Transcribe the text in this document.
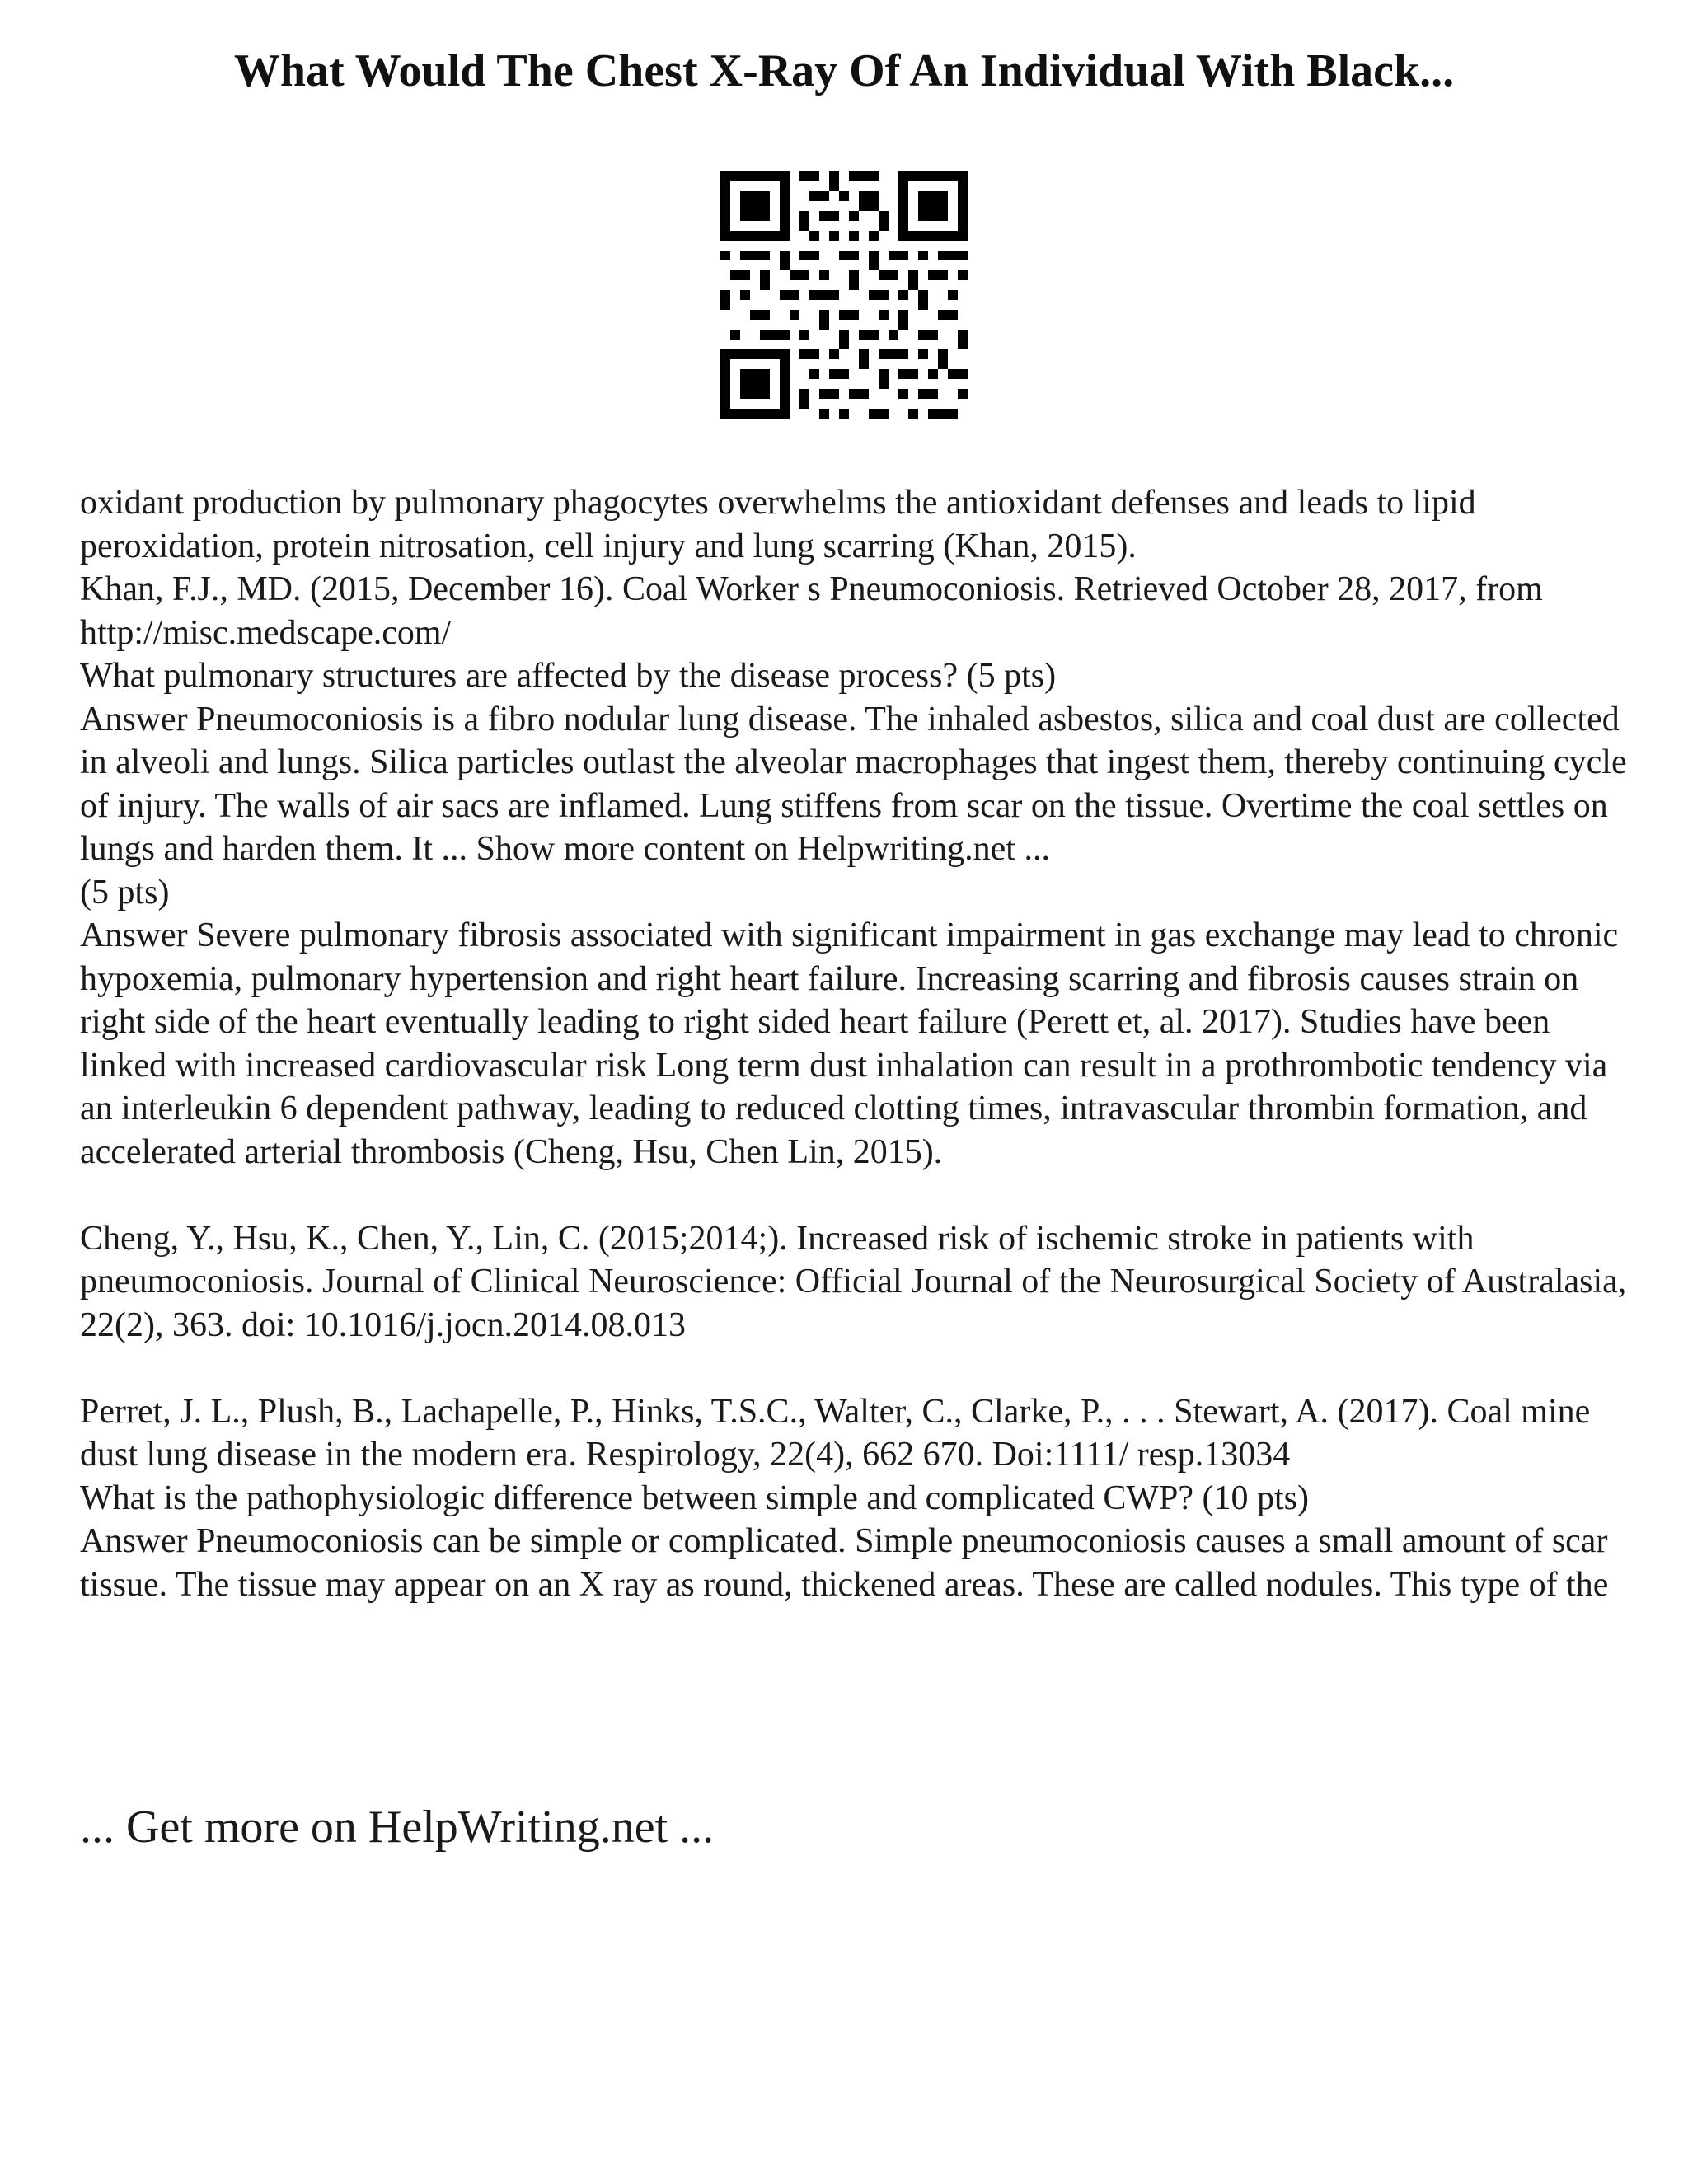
What Would The Chest X-Ray Of An Individual With Black...

oxidant production by pulmonary phagocytes overwhelms the antioxidant defenses and leads to lipid peroxidation, protein nitrosation, cell injury and lung scarring (Khan, 2015).

Khan, F.J., MD. (2015, December 16). Coal Worker s Pneumoconiosis. Retrieved October 28, 2017, from http://misc.medscape.com/

What pulmonary structures are affected by the disease process? (5 pts)

Answer Pneumoconiosis is a fibro nodular lung disease. The inhaled asbestos, silica and coal dust are collected in alveoli and lungs. Silica particles outlast the alveolar macrophages that ingest them, thereby continuing cycle of injury. The walls of air sacs are inflamed. Lung stiffens from scar on the tissue. Overtime the coal settles on lungs and harden them. It ... Show more content on Helpwriting.net ...

(5 pts)

Answer Severe pulmonary fibrosis associated with significant impairment in gas exchange may lead to chronic hypoxemia, pulmonary hypertension and right heart failure. Increasing scarring and fibrosis causes strain on right side of the heart eventually leading to right sided heart failure (Perett et, al. 2017). Studies have been linked with increased cardiovascular risk Long term dust inhalation can result in a prothrombotic tendency via an interleukin 6 dependent pathway, leading to reduced clotting times, intravascular thrombin formation, and accelerated arterial thrombosis (Cheng, Hsu, Chen Lin, 2015).

Cheng, Y., Hsu, K., Chen, Y., Lin, C. (2015;2014;). Increased risk of ischemic stroke in patients with pneumoconiosis. Journal of Clinical Neuroscience: Official Journal of the Neurosurgical Society of Australasia, 22(2), 363. doi: 10.1016/j.jocn.2014.08.013

Perret, J. L., Plush, B., Lachapelle, P., Hinks, T.S.C., Walter, C., Clarke, P., . . . Stewart, A. (2017). Coal mine dust lung disease in the modern era. Respirology, 22(4), 662 670. Doi:1111/ resp.13034

What is the pathophysiologic difference between simple and complicated CWP? (10 pts)

Answer Pneumoconiosis can be simple or complicated. Simple pneumoconiosis causes a small amount of scar tissue. The tissue may appear on an X ray as round, thickened areas. These are called nodules. This type of the

... Get more on HelpWriting.net ...
